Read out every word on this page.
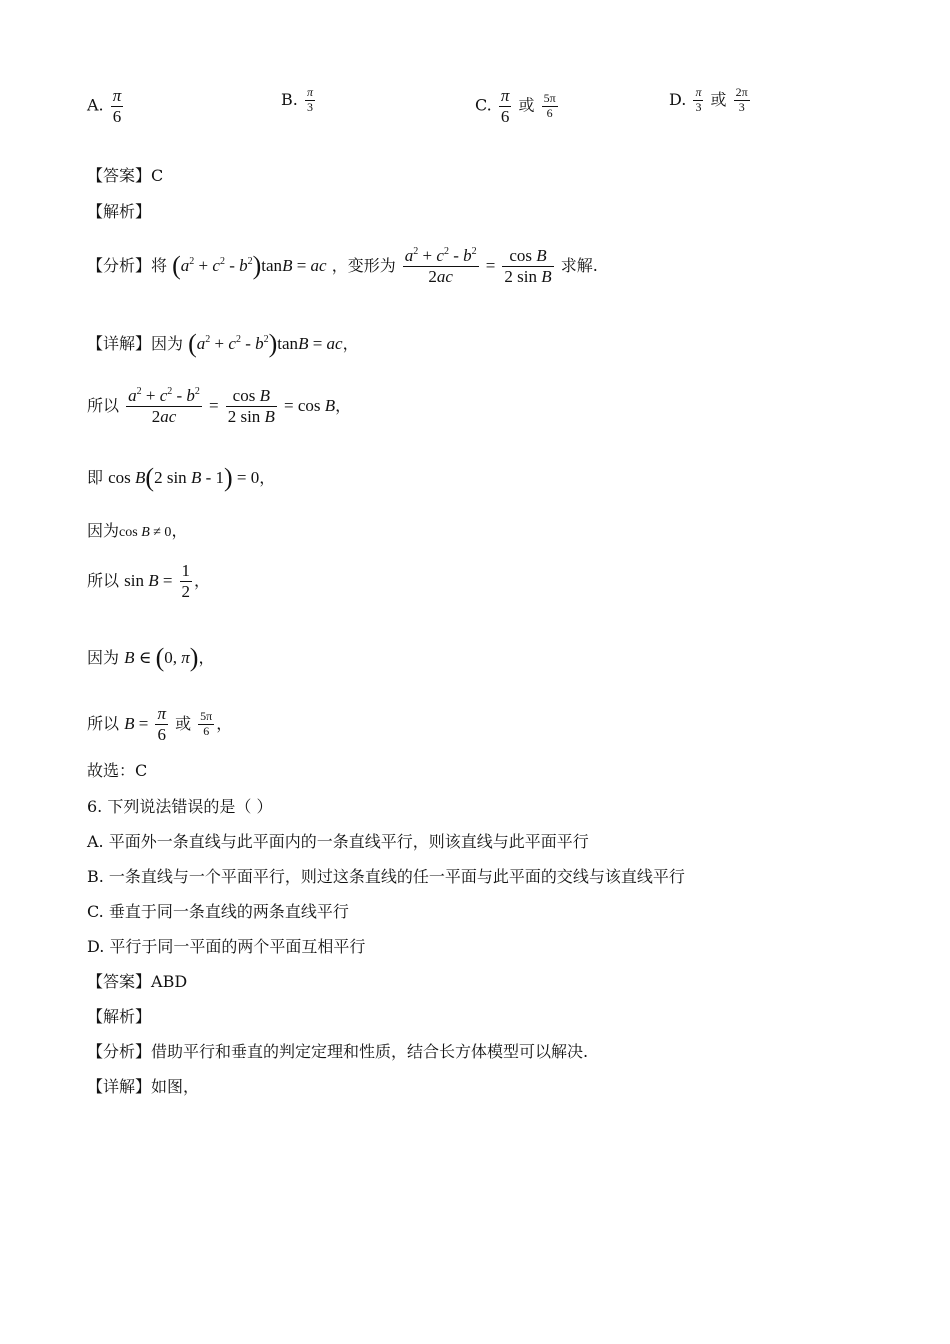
A. $\frac{\pi}{6}$	B. $\frac{\pi}{3}$	C. $\frac{\pi}{6}$ 或 $\frac{5\pi}{6}$	D. $\frac{\pi}{3}$ 或 $\frac{2\pi}{3}$
【答案】C
【解析】
【分析】将 $(a^2 + c^2 - b^2)\tan B$ = ac ，变形为 $\frac{a^2 + c^2 - b^2}{2ac} = \frac{\text{cos B}}{\text{2 sin B}}$ 求解.
【详解】因为 $(a^2 + c^2 - b^2)\tan B$ = ac，
所以 $\frac{a^2 + c^2 - b^2}{2ac} = \frac{\text{cos B}}{\text{2 sin B}} = \cos B$，
即 cos B(2 sin B - 1) = 0，
因为cos B ≠ 0，
所以 $\sin B = \frac{1}{2}$ ，
因为 B ∈ (0, π)，
所以 $B = \frac{\pi}{6}$ 或 $\frac{5\pi}{6}$ ，
故选：C
6. 下列说法错误的是（ ）
A. 平面外一条直线与此平面内的一条直线平行，则该直线与此平面平行
B. 一条直线与一个平面平行，则过这条直线的任一平面与此平面的交线与该直线平行
C. 垂直于同一条直线的两条直线平行
D. 平行于同一平面的两个平面互相平行
【答案】ABD
【解析】
【分析】借助平行和垂直的判定定理和性质，结合长方体模型可以解决.
【详解】如图，
